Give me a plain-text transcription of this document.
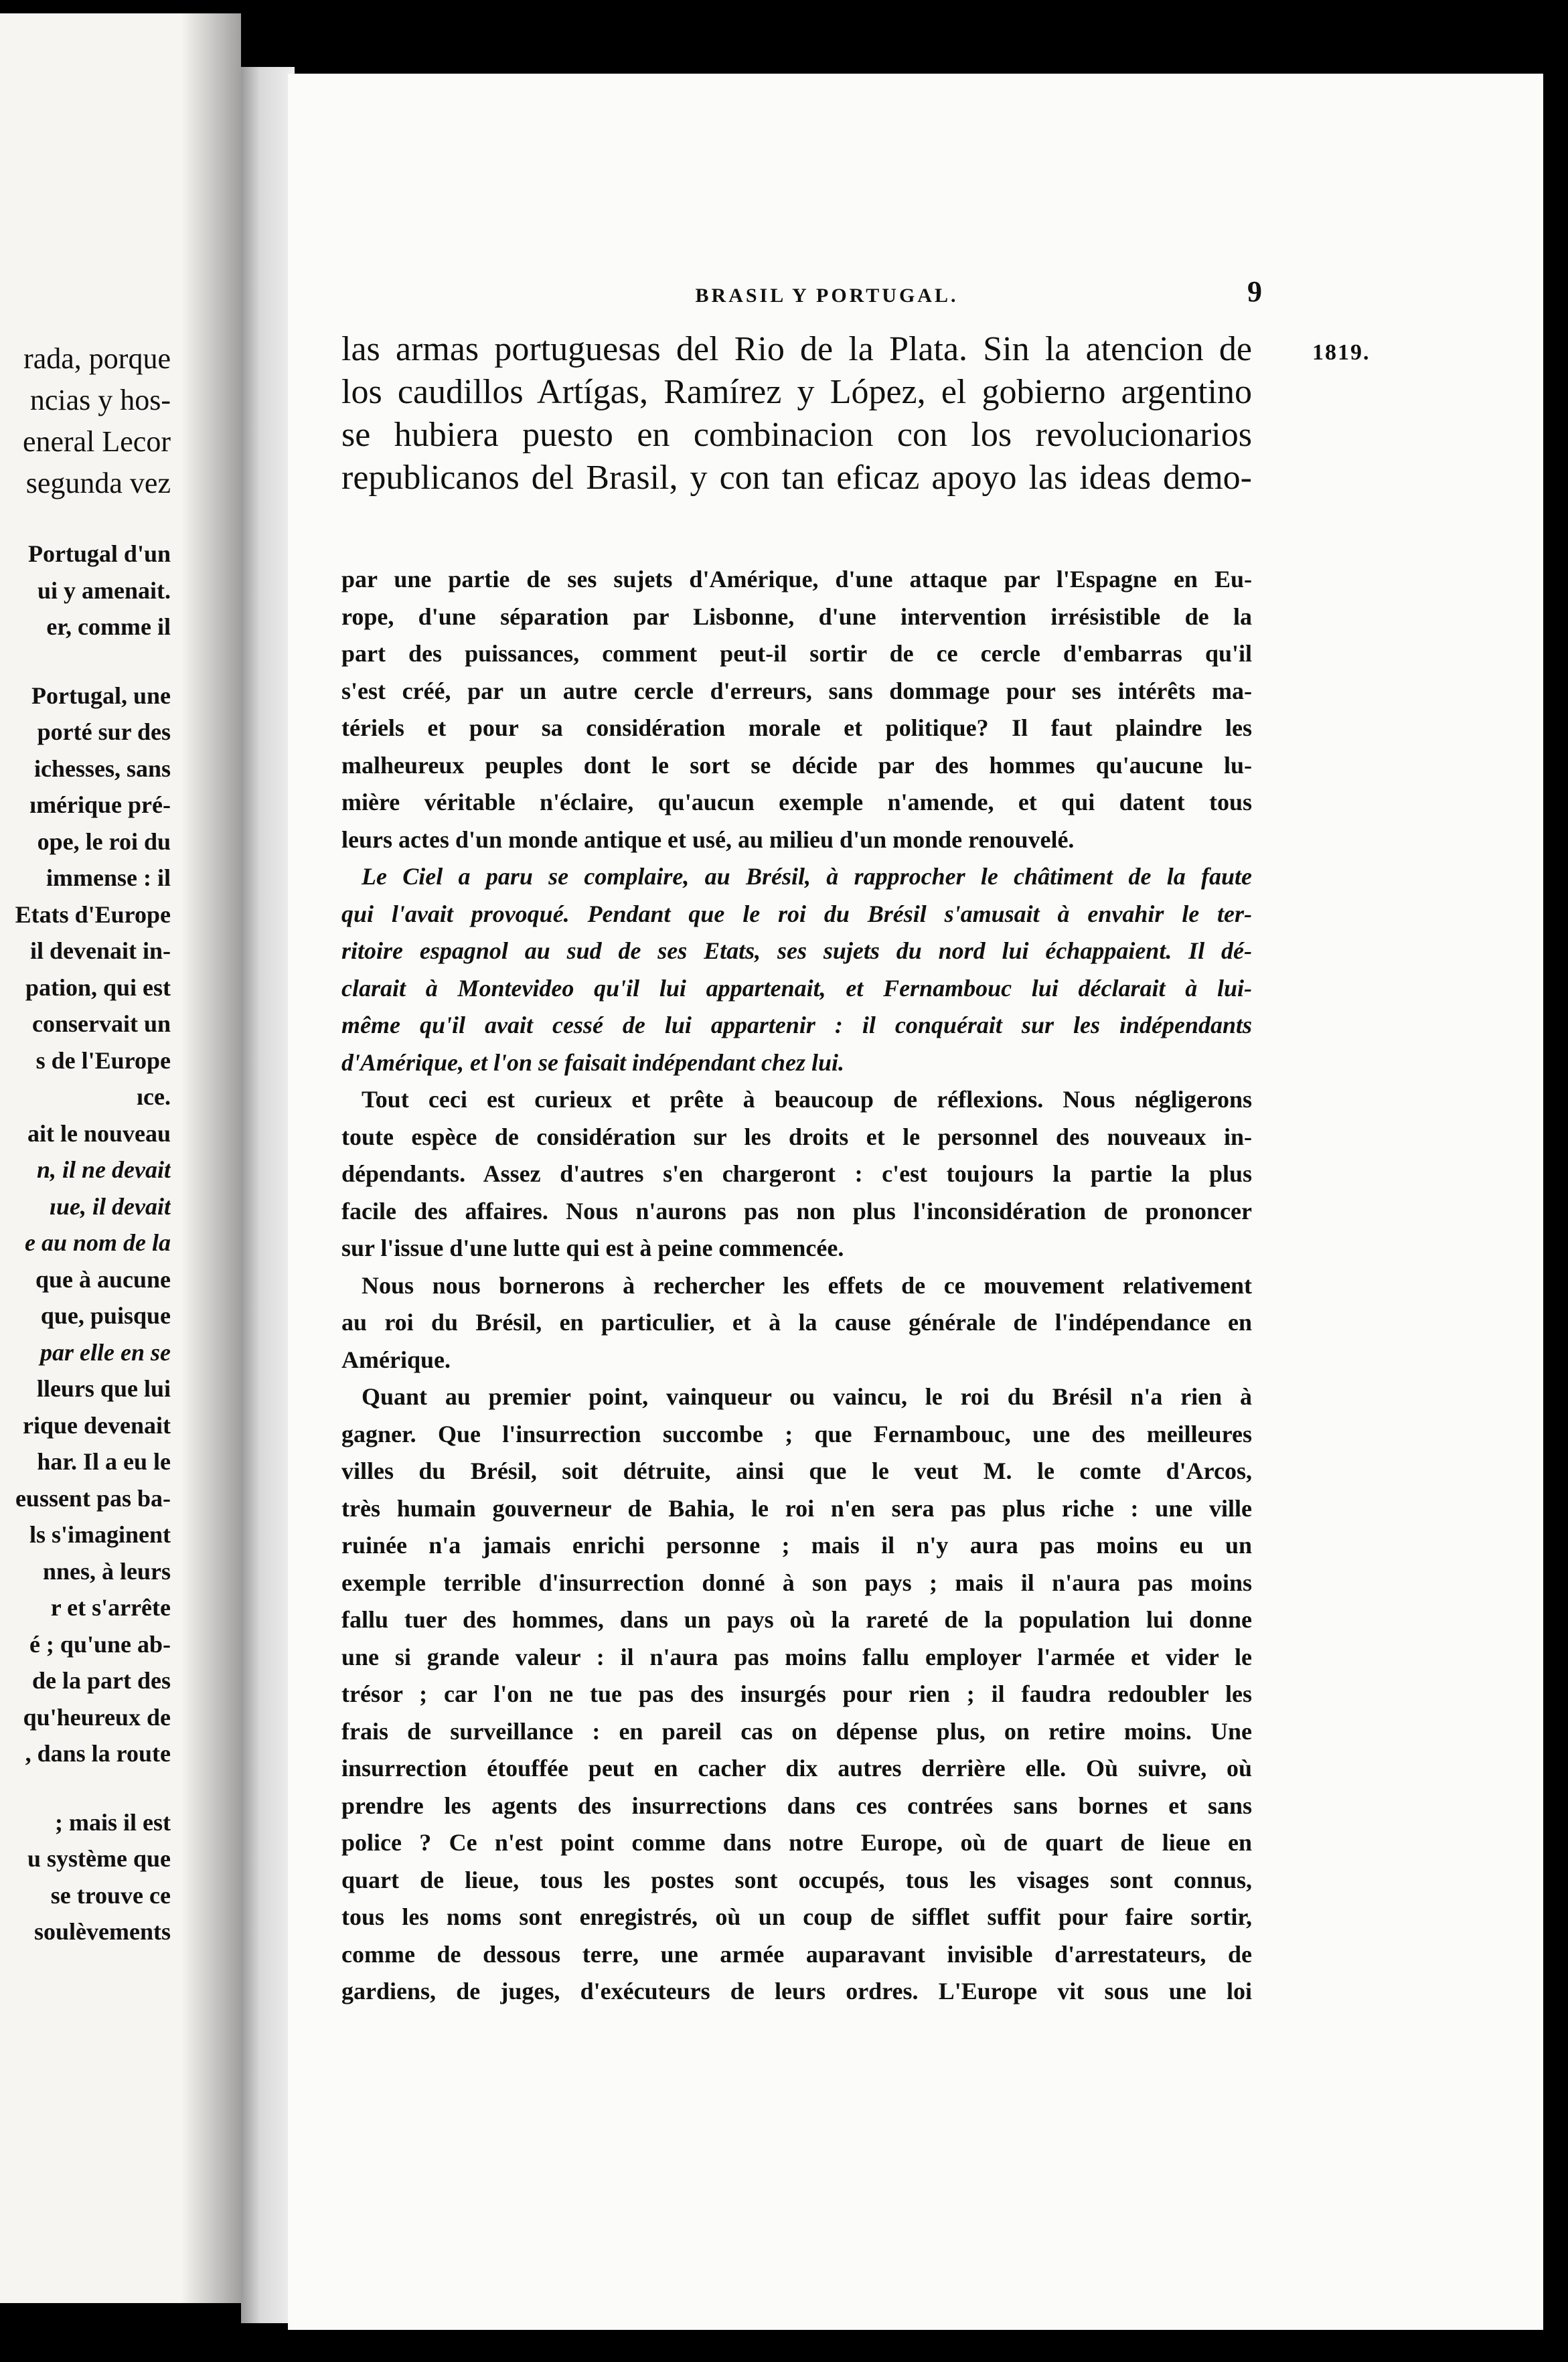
rada, porque
ncias y hos-
eneral Lecor
segunda vez
Portugal d'un
ui y amenait.
er, comme il
Portugal, une
porté sur des
ichesses, sans
ımérique pré-
ope, le roi du
immense : il
Etats d'Europe
il devenait in-
pation, qui est
conservait un
s de l'Europe
ıce.
ait le nouveau
n, il ne devait
ıue, il devait
e au nom de la
que à aucune
que, puisque
par elle en se
lleurs que lui
rique devenait
har. Il a eu le
eussent pas ba-
ls s'imaginent
nnes, à leurs
r et s'arrête
é ; qu'une ab-
de la part des
qu'heureux de
, dans la route
; mais il est
u système que
se trouve ce
soulèvements
BRASIL Y PORTUGAL.	9
1819.
las armas portuguesas del Rio de la Plata. Sin la atencion de
los caudillos Artígas, Ramírez y López, el gobierno argentino
se hubiera puesto en combinacion con los revolucionarios
republicanos del Brasil, y con tan eficaz apoyo las ideas demo-
par une partie de ses sujets d'Amérique, d'une attaque par l'Espagne en Eu-
rope, d'une séparation par Lisbonne, d'une intervention irrésistible de la
part des puissances, comment peut-il sortir de ce cercle d'embarras qu'il
s'est créé, par un autre cercle d'erreurs, sans dommage pour ses intérêts ma-
tériels et pour sa considération morale et politique? Il faut plaindre les
malheureux peuples dont le sort se décide par des hommes qu'aucune lu-
mière véritable n'éclaire, qu'aucun exemple n'amende, et qui datent tous
leurs actes d'un monde antique et usé, au milieu d'un monde renouvelé.
Le Ciel a paru se complaire, au Brésil, à rapprocher le châtiment de la faute
qui l'avait provoqué. Pendant que le roi du Brésil s'amusait à envahir le ter-
ritoire espagnol au sud de ses Etats, ses sujets du nord lui échappaient. Il dé-
clarait à Montevideo qu'il lui appartenait, et Fernambouc lui déclarait à lui-
même qu'il avait cessé de lui appartenir : il conquérait sur les indépendants
d'Amérique, et l'on se faisait indépendant chez lui.
Tout ceci est curieux et prête à beaucoup de réflexions. Nous négligerons
toute espèce de considération sur les droits et le personnel des nouveaux in-
dépendants. Assez d'autres s'en chargeront : c'est toujours la partie la plus
facile des affaires. Nous n'aurons pas non plus l'inconsidération de prononcer
sur l'issue d'une lutte qui est à peine commencée.
Nous nous bornerons à rechercher les effets de ce mouvement relativement
au roi du Brésil, en particulier, et à la cause générale de l'indépendance en
Amérique.
Quant au premier point, vainqueur ou vaincu, le roi du Brésil n'a rien à
gagner. Que l'insurrection succombe ; que Fernambouc, une des meilleures
villes du Brésil, soit détruite, ainsi que le veut M. le comte d'Arcos,
très humain gouverneur de Bahia, le roi n'en sera pas plus riche : une ville
ruinée n'a jamais enrichi personne ; mais il n'y aura pas moins eu un
exemple terrible d'insurrection donné à son pays ; mais il n'aura pas moins
fallu tuer des hommes, dans un pays où la rareté de la population lui donne
une si grande valeur : il n'aura pas moins fallu employer l'armée et vider le
trésor ; car l'on ne tue pas des insurgés pour rien ; il faudra redoubler les
frais de surveillance : en pareil cas on dépense plus, on retire moins. Une
insurrection étouffée peut en cacher dix autres derrière elle. Où suivre, où
prendre les agents des insurrections dans ces contrées sans bornes et sans
police ? Ce n'est point comme dans notre Europe, où de quart de lieue en
quart de lieue, tous les postes sont occupés, tous les visages sont connus,
tous les noms sont enregistrés, où un coup de sifflet suffit pour faire sortir,
comme de dessous terre, une armée auparavant invisible d'arrestateurs, de
gardiens, de juges, d'exécuteurs de leurs ordres. L'Europe vit sous une loi
